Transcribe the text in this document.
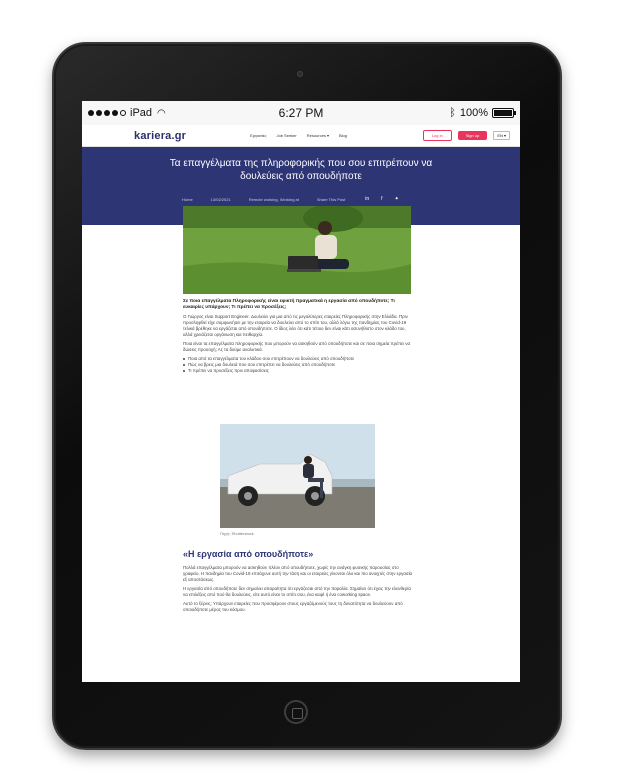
iPad ◠	6:27 PM	ᛒ 100%
kariera.gr	Εργασίες	Job Seeker	Resources ▾	Blog	Log in	Sign up	EN ▾
Τα επαγγέλματα της πληροφορικής που σου επιτρέπουν να δουλεύεις από οπουδήποτε
Home	13/02/2021	Remote working, Working at	Share This Post	in f ✦

Σε ποια επαγγέλματα Πληροφορικής είναι εφικτή πραγματικά η εργασία από οπουδήποτε; Τι ευκαιρίες υπάρχουν; Τι πρέπει να προσέξεις;

Ο Γιώργος είναι Support Engineer. Δουλεύει για μια από τις μεγαλύτερες εταιρείες Πληροφορικής στην Ελλάδα. Πριν προσληφθεί είχε συμφωνήσει με την εταιρεία να δουλεύει από το σπίτι του, αλλά λόγω της πανδημίας του Covid-19 τελικά βρέθηκε να εργάζεται από οπουδήποτε. Ο ίδιος λέει ότι κάτι τέτοιο δεν είναι κάτι ασυνήθιστο στον κλάδο του, αλλά χρειάζεται οργάνωση και πειθαρχία.

Ποια είναι τα επαγγέλματα πληροφορικής που μπορούν να ασκηθούν από οπουδήποτε και σε ποια σημεία πρέπει να δώσεις προσοχή; Ας τα δούμε αναλυτικά.

Ποια από τα επαγγέλματα του κλάδου σου επιτρέπουν να δουλεύεις από οπουδήποτε
Πώς να βρεις μια δουλειά που σου επιτρέπει να δουλεύεις από οπουδήποτε
Τι πρέπει να προσέξεις πριν αποφασίσεις
Πηγή: Shutterstock
«Η εργασία από οπουδήποτε»

Πολλά επαγγέλματα μπορούν να ασκηθούν πλέον από οπουδήποτε, χωρίς την ανάγκη φυσικής παρουσίας στο γραφείο. Η πανδημία του Covid-19 επιτάχυνε αυτή την τάση και οι εταιρείες γίνονται όλο και πιο ανοιχτές στην εργασία εξ αποστάσεως.

Η εργασία από οπουδήποτε δεν σημαίνει απαραίτητα ότι εργάζεσαι από την παραλία. Σημαίνει ότι έχεις την ελευθερία να επιλέξεις από πού θα δουλεύεις, είτε αυτό είναι το σπίτι σου, ένα καφέ ή ένα coworking space.

Αυτό το ξέρεις; Υπάρχουν εταιρείες που προσφέρουν στους εργαζόμενούς τους τη δυνατότητα να δουλεύουν από οποιοδήποτε μέρος του κόσμου.
